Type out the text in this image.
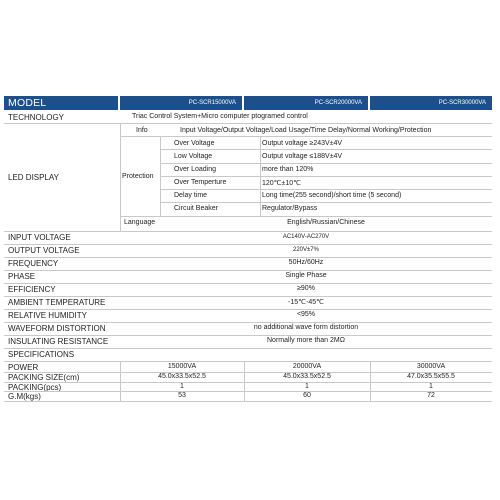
MODEL	PC-SCR15000VA	PC-SCR20000VA	PC-SCR30000VA
TECHNOLOGY	Triac Control System+Micro computer ptogramed control
LED DISPLAY
Info	Input Voltage/Output Voltage/Load Usage/Time Delay/Normal Working/Protection
Protection
Over Voltage	Output voltage ≥243V±4V
Low Voltage	Output voltage ≤188V±4V
Over Loading	more than 120%
Over Temperture	120℃±10℃
Delay time	Long time(255 second)/short time (5 second)
Circuit Beaker	Regulator/Bypass
Language	English/Russian/Chinese
INPUT VOLTAGE	AC140V-AC270V
OUTPUT VOLTAGE	220V±7%
FREQUENCY	50Hz/60Hz
PHASE	Single Phase
EFFICIENCY	≥90%
AMBIENT TEMPERATURE	-15℃-45℃
RELATIVE HUMIDITY	<95%
WAVEFORM DISTORTION	no additional wave form distortion
INSULATING RESISTANCE	Normally more than 2MΩ
SPECIFICATIONS
POWER	15000VA	20000VA	30000VA
PACKING SIZE(cm)	45.0x33.5x52.5	45.0x33.5x52.5	47.0x35.5x55.5
PACKING(pcs)	1	1	1
G.M(kgs)	53	60	72
